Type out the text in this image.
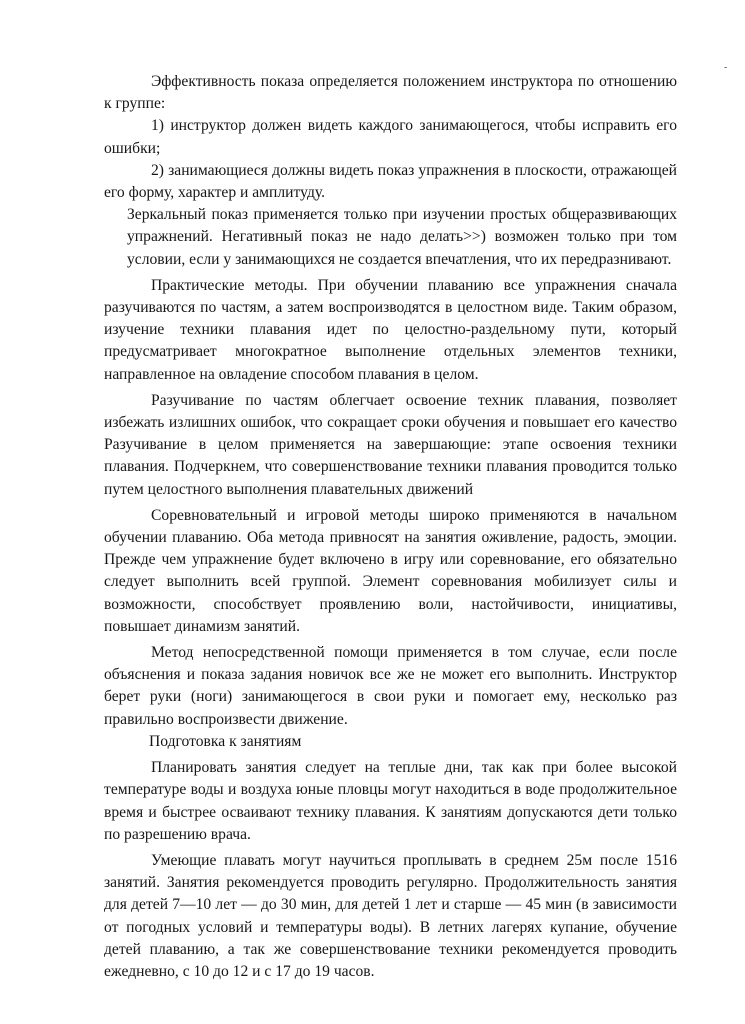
-

Эффективность показа определяется положением инструктора по отношению к группе:

1) инструктор должен видеть каждого занимающегося, чтобы исправить его ошибки;

2) занимающиеся должны видеть показ упражнения в плоскости, отражающей его форму, характер и амплитуду.

Зеркальный показ применяется только при изучении простых общеразвивающих упражнений. Негативный показ не надо делать>>) возможен только при том условии, если у занимающихся не создается впечатления, что их передразнивают.

Практические методы. При обучении плаванию все упражнения сначала разучиваются по частям, а затем воспроизводятся в целостном виде. Таким образом, изучение техники плавания идет по целостно-раздельному пути, который предусматривает многократное выполнение отдельных элементов техники, направленное на овладение способом плавания в целом.

Разучивание по частям облегчает освоение техник плавания, позволяет избежать излишних ошибок, что сокращает сроки обучения и повышает его качество Разучивание в целом применяется на завершающие: этапе освоения техники плавания. Подчеркнем, что совершенствование техники плавания проводится только путем целостного выполнения плавательных движений

Соревновательный и игровой методы широко применяются в начальном обучении плаванию. Оба метода привносят на занятия оживление, радость, эмоции. Прежде чем упражнение будет включено в игру или соревнование, его обязательно следует выполнить всей группой. Элемент соревнования мобилизует силы и возможности, способствует проявлению воли, настойчивости, инициативы, повышает динамизм занятий.

Метод непосредственной помощи применяется в том случае, если после объяснения и показа задания новичок все же не может его выполнить. Инструктор берет руки (ноги) занимающегося в свои руки и помогает ему, несколько раз правильно воспроизвести движение.

Подготовка к занятиям

Планировать занятия следует на теплые дни, так как при более высокой температуре воды и воздуха юные пловцы могут находиться в воде продолжительное время и быстрее осваивают технику плавания. К занятиям допускаются дети только по разрешению врача.

Умеющие плавать могут научиться проплывать в среднем 25м после 1516 занятий. Занятия рекомендуется проводить регулярно. Продолжительность занятия для детей 7—10 лет — до 30 мин, для детей 1 лет и старше — 45 мин (в зависимости от погодных условий и температуры воды). В летних лагерях купание, обучение детей плаванию, а так же совершенствование техники рекомендуется проводить ежедневно, с 10 до 12 и с 17 до 19 часов.
